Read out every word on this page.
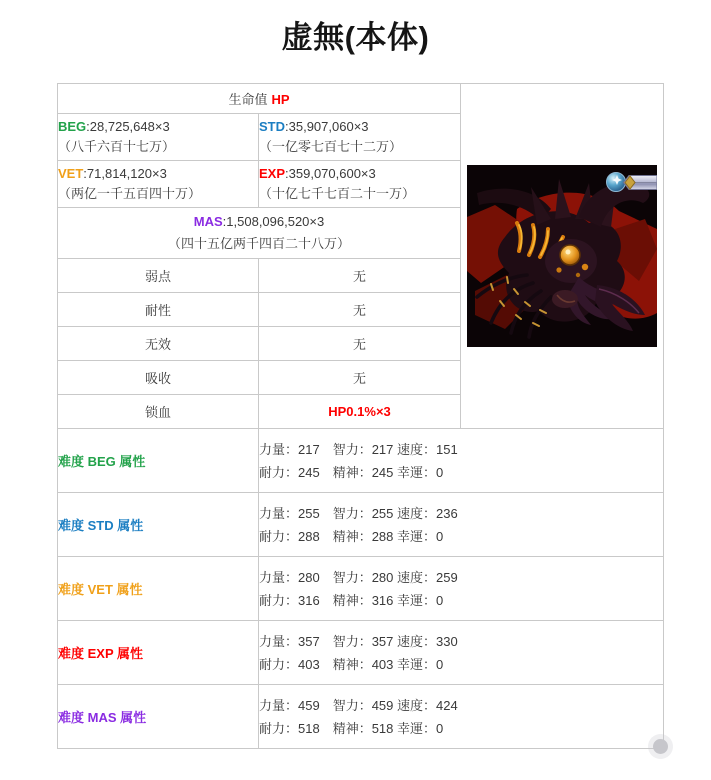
虚無(本体)
生命值 HP	

BEG:28,725,648×3
（八千六百十七万）

STD:35,907,060×3
（一亿零七百七十二万）

VET:71,814,120×3
（两亿一千五百四十万）

EXP:359,070,600×3
（十亿七千七百二十一万）

MAS:1,508,096,520×3
（四十五亿两千四百二十八万）		

弱点	无	
耐性	无	
无效	无	
吸收	无	
锁血	HP0.1%×3	
难度 BEG 属性	力量：217　智力：217 速度：151
耐力：245　精神：245 幸運：0	

难度 STD 属性	力量：255　智力：255 速度：236
耐力：288　精神：288 幸運：0	

难度 VET 属性	力量：280　智力：280 速度：259
耐力：316　精神：316 幸運：0	

难度 EXP 属性	力量：357　智力：357 速度：330
耐力：403　精神：403 幸運：0	

难度 MAS 属性	力量：459　智力：459 速度：424
耐力：518　精神：518 幸運：0	
